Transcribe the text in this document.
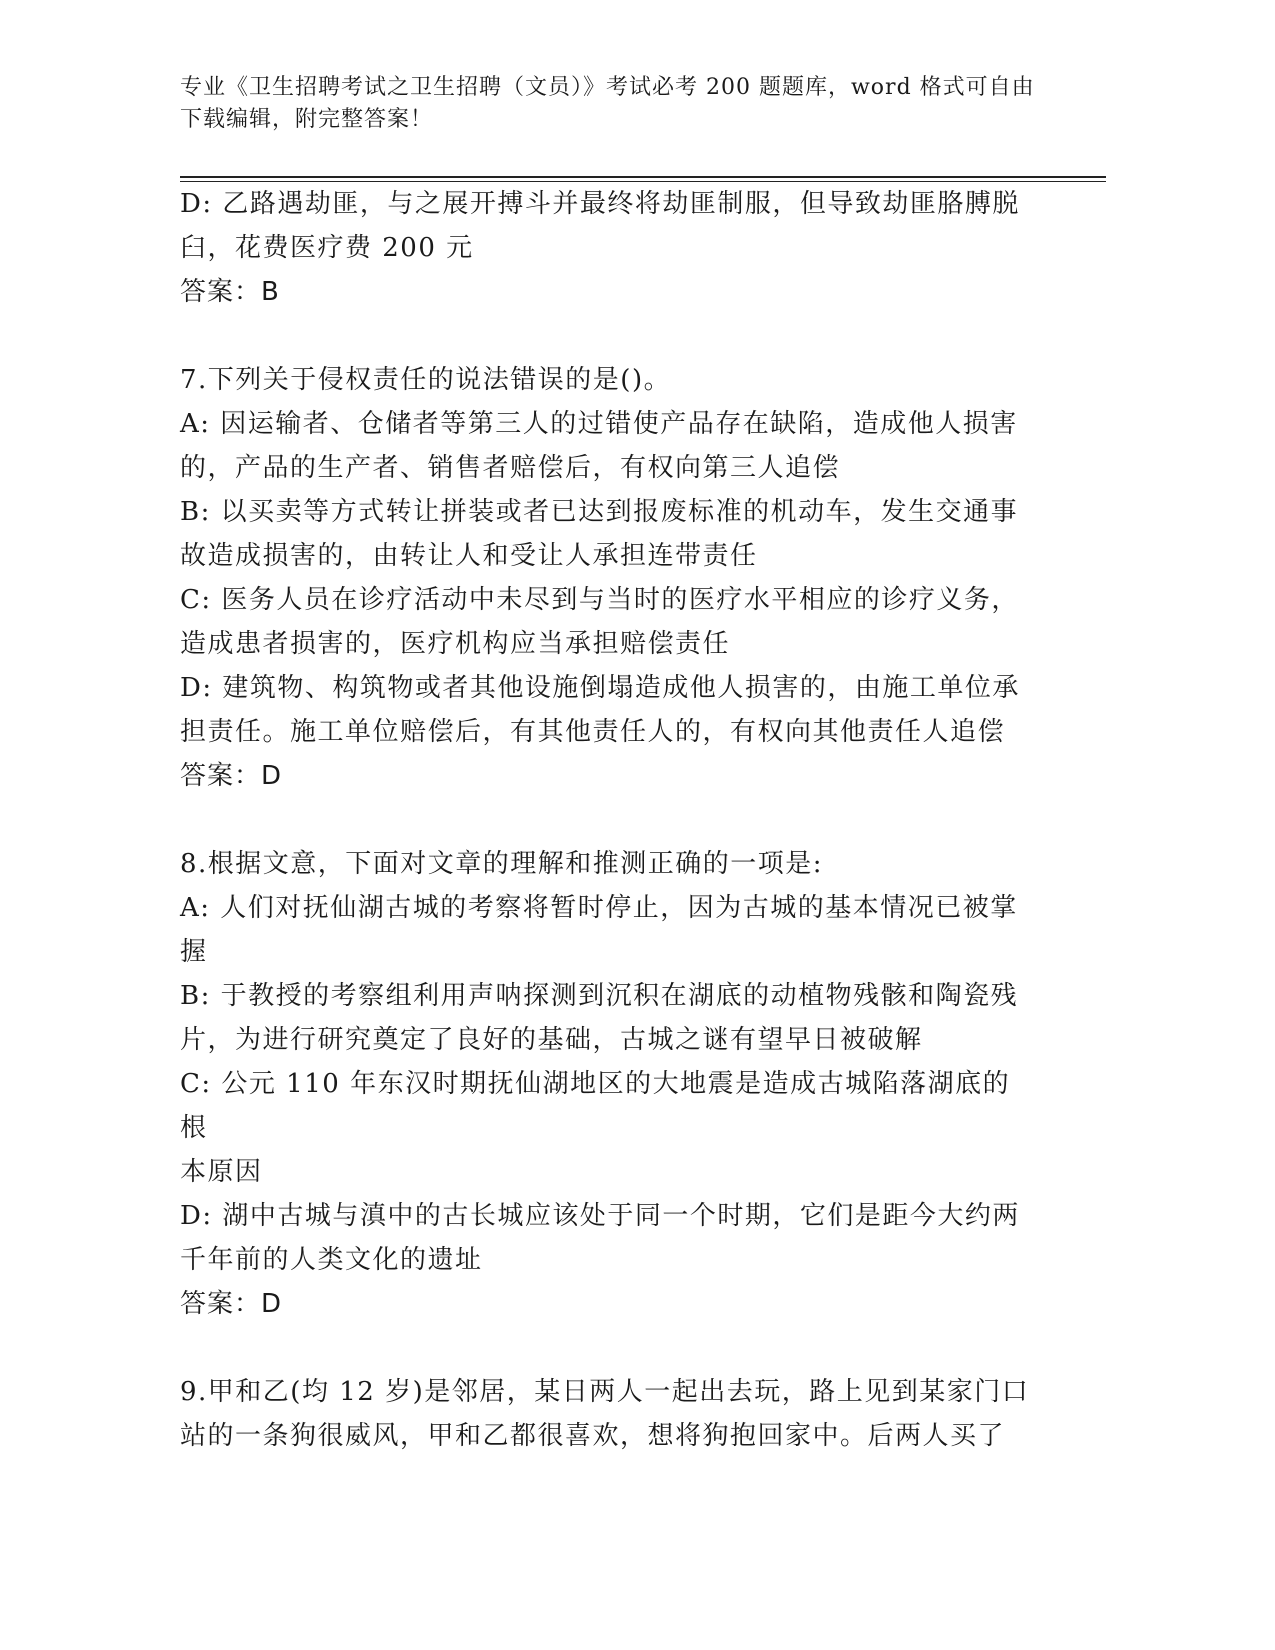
专业《卫生招聘考试之卫生招聘（文员）》考试必考 200 题题库，word 格式可自由下载编辑，附完整答案！
D: 乙路遇劫匪，与之展开搏斗并最终将劫匪制服，但导致劫匪胳膊脱
臼，花费医疗费 200 元
答案：B
7.下列关于侵权责任的说法错误的是()。
A: 因运输者、仓储者等第三人的过错使产品存在缺陷，造成他人损害
的，产品的生产者、销售者赔偿后，有权向第三人追偿
B: 以买卖等方式转让拼装或者已达到报废标准的机动车，发生交通事
故造成损害的，由转让人和受让人承担连带责任
C: 医务人员在诊疗活动中未尽到与当时的医疗水平相应的诊疗义务，
造成患者损害的，医疗机构应当承担赔偿责任
D: 建筑物、构筑物或者其他设施倒塌造成他人损害的，由施工单位承
担责任。施工单位赔偿后，有其他责任人的，有权向其他责任人追偿
答案：D
8.根据文意，下面对文章的理解和推测正确的一项是:
A: 人们对抚仙湖古城的考察将暂时停止，因为古城的基本情况已被掌
握
B: 于教授的考察组利用声呐探测到沉积在湖底的动植物残骸和陶瓷残
片，为进行研究奠定了良好的基础，古城之谜有望早日被破解
C: 公元 110 年东汉时期抚仙湖地区的大地震是造成古城陷落湖底的根
本原因
D: 湖中古城与滇中的古长城应该处于同一个时期，它们是距今大约两
千年前的人类文化的遗址
答案：D
9.甲和乙(均 12 岁)是邻居，某日两人一起出去玩，路上见到某家门口
站的一条狗很威风，甲和乙都很喜欢，想将狗抱回家中。后两人买了
